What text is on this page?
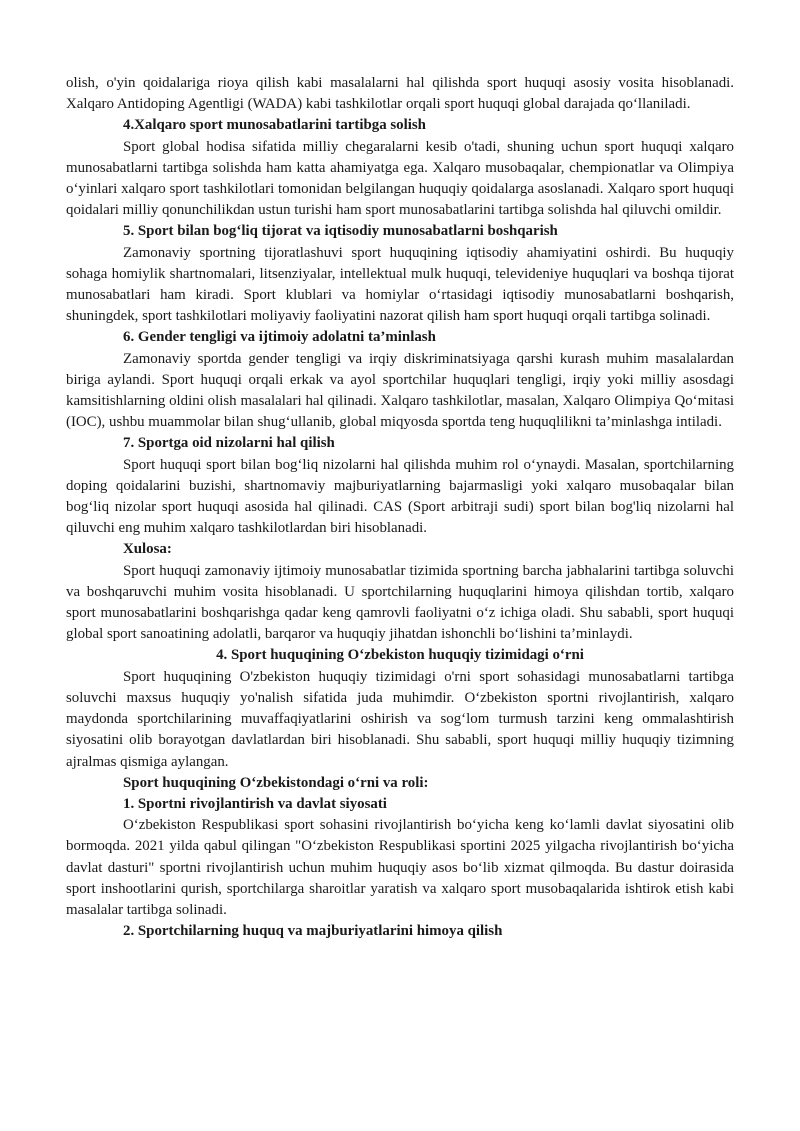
olish, o'yin qoidalariga rioya qilish kabi masalalarni hal qilishda sport huquqi asosiy vosita hisoblanadi. Xalqaro Antidoping Agentligi (WADA) kabi tashkilotlar orqali sport huquqi global darajada qo‘llaniladi.

4.Xalqaro sport munosabatlarini tartibga solish

Sport global hodisa sifatida milliy chegaralarni kesib o'tadi, shuning uchun sport huquqi xalqaro munosabatlarni tartibga solishda ham katta ahamiyatga ega. Xalqaro musobaqalar, chempionatlar va Olimpiya o‘yinlari xalqaro sport tashkilotlari tomonidan belgilangan huquqiy qoidalarga asoslanadi. Xalqaro sport huquqi qoidalari milliy qonunchilikdan ustun turishi ham sport munosabatlarini tartibga solishda hal qiluvchi omildir.

5. Sport bilan bog‘liq tijorat va iqtisodiy munosabatlarni boshqarish

Zamonaviy sportning tijoratlashuvi sport huquqining iqtisodiy ahamiyatini oshirdi. Bu huquqiy sohaga homiylik shartnomalari, litsenziyalar, intellektual mulk huquqi, televideniye huquqlari va boshqa tijorat munosabatlari ham kiradi. Sport klublari va homiylar o‘rtasidagi iqtisodiy munosabatlarni boshqarish, shuningdek, sport tashkilotlari moliyaviy faoliyatini nazorat qilish ham sport huquqi orqali tartibga solinadi.

6. Gender tengligi va ijtimoiy adolatni ta’minlash

Zamonaviy sportda gender tengligi va irqiy diskriminatsiyaga qarshi kurash muhim masalalardan biriga aylandi. Sport huquqi orqali erkak va ayol sportchilar huquqlari tengligi, irqiy yoki milliy asosdagi kamsitishlarning oldini olish masalalari hal qilinadi. Xalqaro tashkilotlar, masalan, Xalqaro Olimpiya Qo‘mitasi (IOC), ushbu muammolar bilan shug‘ullanib, global miqyosda sportda teng huquqlilikni ta’minlashga intiladi.

7. Sportga oid nizolarni hal qilish

Sport huquqi sport bilan bog‘liq nizolarni hal qilishda muhim rol o‘ynaydi. Masalan, sportchilarning doping qoidalarini buzishi, shartnomaviy majburiyatlarning bajarmasligi yoki xalqaro musobaqalar bilan bog‘liq nizolar sport huquqi asosida hal qilinadi. CAS (Sport arbitraji sudi) sport bilan bog'liq nizolarni hal qiluvchi eng muhim xalqaro tashkilotlardan biri hisoblanadi.

Xulosa:

Sport huquqi zamonaviy ijtimoiy munosabatlar tizimida sportning barcha jabhalarini tartibga soluvchi va boshqaruvchi muhim vosita hisoblanadi. U sportchilarning huquqlarini himoya qilishdan tortib, xalqaro sport munosabatlarini boshqarishga qadar keng qamrovli faoliyatni o‘z ichiga oladi. Shu sababli, sport huquqi global sport sanoatining adolatli, barqaror va huquqiy jihatdan ishonchli bo‘lishini ta’minlaydi.

4. Sport huquqining O‘zbekiston huquqiy tizimidagi o‘rni

Sport huquqining O'zbekiston huquqiy tizimidagi o'rni sport sohasidagi munosabatlarni tartibga soluvchi maxsus huquqiy yo'nalish sifatida juda muhimdir. O‘zbekiston sportni rivojlantirish, xalqaro maydonda sportchilarining muvaffaqiyatlarini oshirish va sog‘lom turmush tarzini keng ommalashtirish siyosatini olib borayotgan davlatlardan biri hisoblanadi. Shu sababli, sport huquqi milliy huquqiy tizimning ajralmas qismiga aylangan.

Sport huquqining O‘zbekistondagi o‘rni va roli:

1. Sportni rivojlantirish va davlat siyosati

O‘zbekiston Respublikasi sport sohasini rivojlantirish bo‘yicha keng ko‘lamli davlat siyosatini olib bormoqda. 2021 yilda qabul qilingan "O‘zbekiston Respublikasi sportini 2025 yilgacha rivojlantirish bo‘yicha davlat dasturi" sportni rivojlantirish uchun muhim huquqiy asos bo‘lib xizmat qilmoqda. Bu dastur doirasida sport inshootlarini qurish, sportchilarga sharoitlar yaratish va xalqaro sport musobaqalarida ishtirok etish kabi masalalar tartibga solinadi.

2. Sportchilarning huquq va majburiyatlarini himoya qilish
